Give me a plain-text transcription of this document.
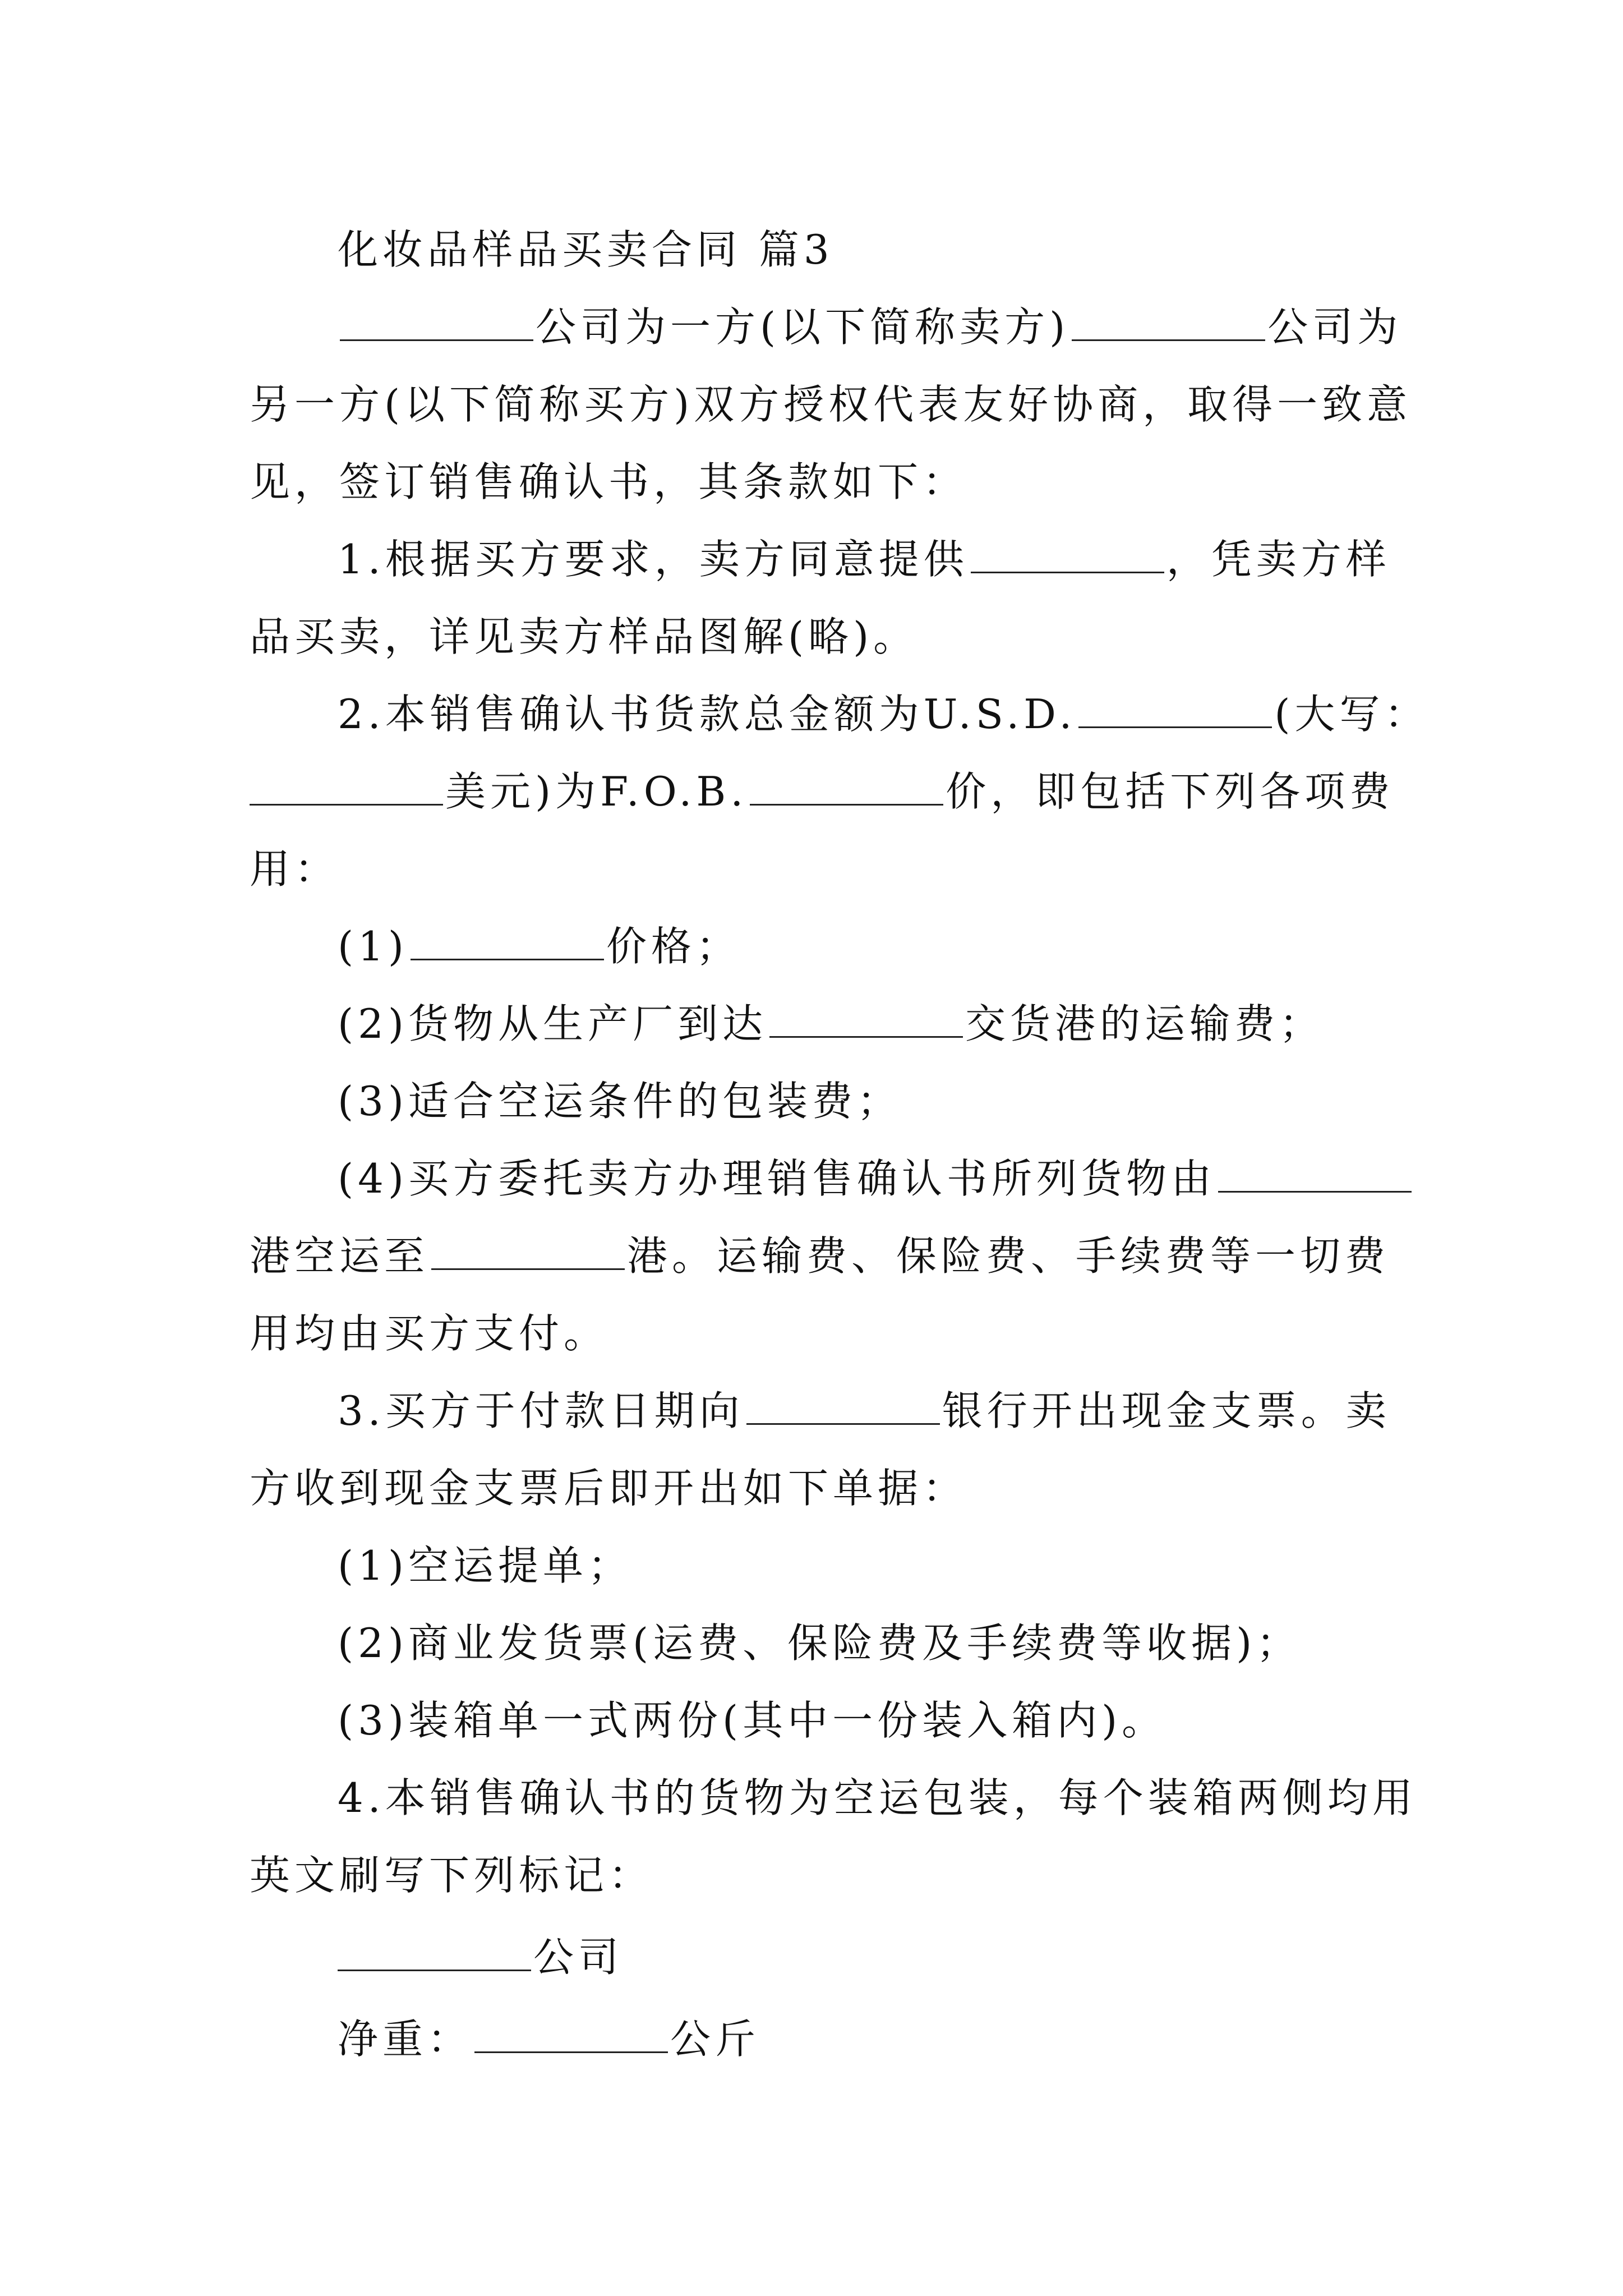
化妆品样品买卖合同 篇3
公司为一方(以下简称卖方)	公司为
另一方(以下简称买方)双方授权代表友好协商，取得一致意
见，签订销售确认书，其条款如下：
1.根据买方要求，卖方同意提供	，凭卖方样
品买卖，详见卖方样品图解(略)。
2.本销售确认书货款总金额为U.S.D.	(大写：
美元)为F.O.B.	价，即包括下列各项费
用：
(1)	价格；
(2)货物从生产厂到达	交货港的运输费；
(3)适合空运条件的包装费；
(4)买方委托卖方办理销售确认书所列货物由
港空运至	港。运输费、保险费、手续费等一切费
用均由买方支付。
3.买方于付款日期向	银行开出现金支票。卖
方收到现金支票后即开出如下单据：
(1)空运提单；
(2)商业发货票(运费、保险费及手续费等收据)；
(3)装箱单一式两份(其中一份装入箱内)。
4.本销售确认书的货物为空运包装，每个装箱两侧均用
英文刷写下列标记：
公司
净重：	公斤
